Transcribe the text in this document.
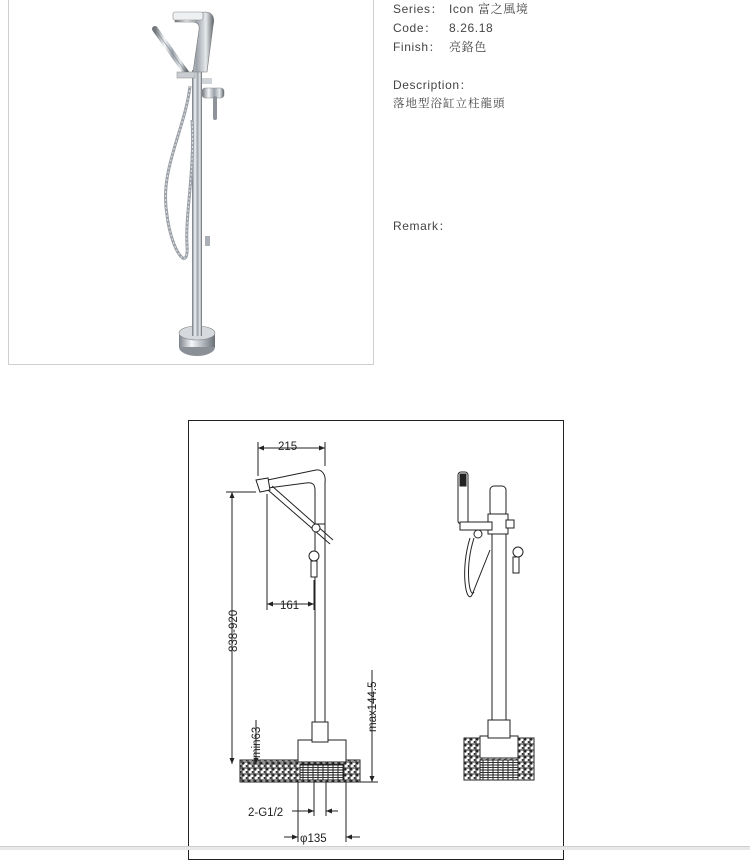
Series： Icon 富之風境
Code： 8.26.18
Finish： 亮鉻色
Description：
落地型浴缸立柱龍頭
Remark：
215
161
838-920
min63
max144.5
2-G1/2
φ135
